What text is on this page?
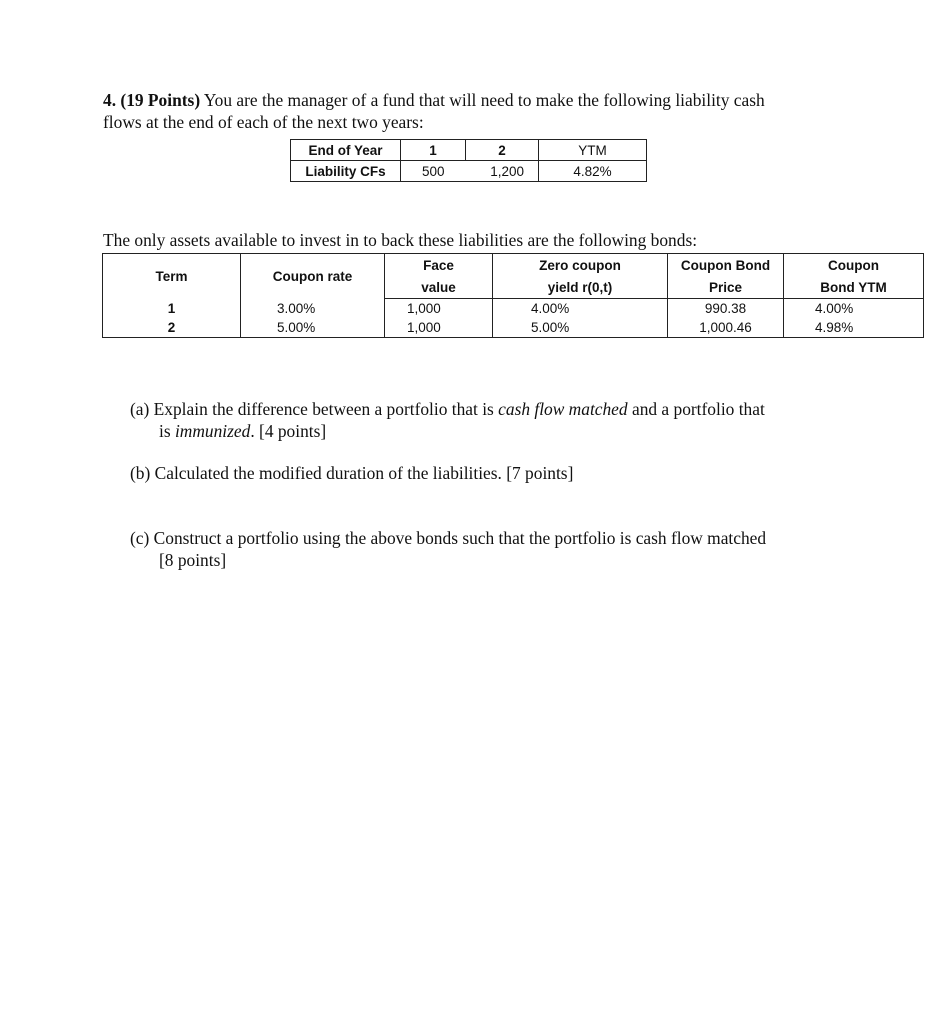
4. (19 Points) You are the manager of a fund that will need to make the following liability cash
flows at the end of each of the next two years:
End of Year	1	2	YTM
Liability CFs	500	1,200	4.82%
The only assets available to invest in to back these liabilities are the following bonds:
Term	Coupon rate	Face	Zero coupon	Coupon Bond	Coupon
		value	yield r(0,t)	Price	Bond YTM
1	3.00%	1,000	4.00%	990.38	4.00%
2	5.00%	1,000	5.00%	1,000.46	4.98%
(a) Explain the difference between a portfolio that is cash flow matched and a portfolio that
is immunized. [4 points]
(b) Calculated the modified duration of the liabilities. [7 points]
(c) Construct a portfolio using the above bonds such that the portfolio is cash flow matched
[8 points]
